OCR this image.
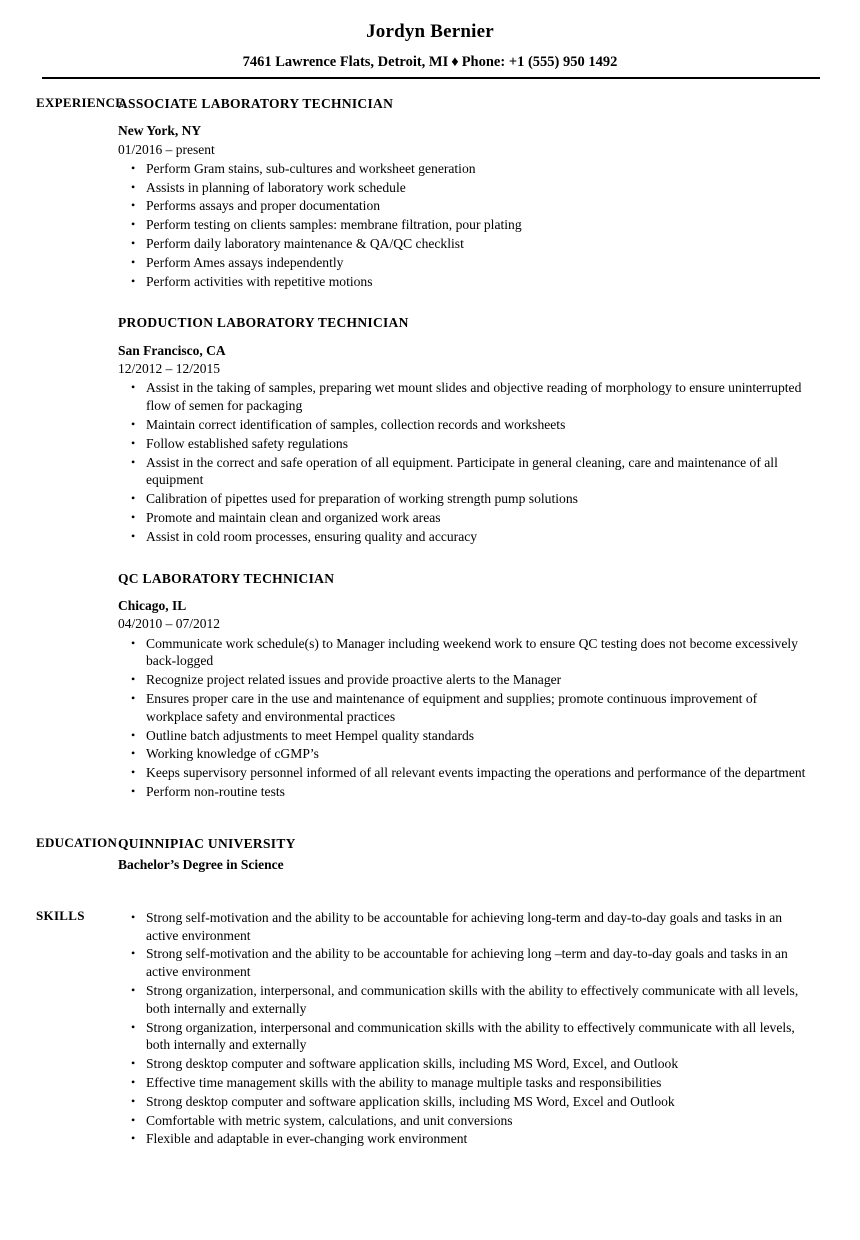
Jordyn Bernier
7461 Lawrence Flats, Detroit, MI ♦ Phone: +1 (555) 950 1492
EXPERIENCE
ASSOCIATE LABORATORY TECHNICIAN
New York, NY
01/2016 – present
• Perform Gram stains, sub-cultures and worksheet generation
• Assists in planning of laboratory work schedule
• Performs assays and proper documentation
• Perform testing on clients samples: membrane filtration, pour plating
• Perform daily laboratory maintenance & QA/QC checklist
• Perform Ames assays independently
• Perform activities with repetitive motions
PRODUCTION LABORATORY TECHNICIAN
San Francisco, CA
12/2012 – 12/2015
• Assist in the taking of samples, preparing wet mount slides and objective reading of morphology to ensure uninterrupted flow of semen for packaging
• Maintain correct identification of samples, collection records and worksheets
• Follow established safety regulations
• Assist in the correct and safe operation of all equipment. Participate in general cleaning, care and maintenance of all equipment
• Calibration of pipettes used for preparation of working strength pump solutions
• Promote and maintain clean and organized work areas
• Assist in cold room processes, ensuring quality and accuracy
QC LABORATORY TECHNICIAN
Chicago, IL
04/2010 – 07/2012
• Communicate work schedule(s) to Manager including weekend work to ensure QC testing does not become excessively back-logged
• Recognize project related issues and provide proactive alerts to the Manager
• Ensures proper care in the use and maintenance of equipment and supplies; promote continuous improvement of workplace safety and environmental practices
• Outline batch adjustments to meet Hempel quality standards
• Working knowledge of cGMP’s
• Keeps supervisory personnel informed of all relevant events impacting the operations and performance of the department
• Perform non-routine tests
EDUCATION QUINNIPIAC UNIVERSITY
Bachelor’s Degree in Science
SKILLS	• Strong self-motivation and the ability to be accountable for achieving long-term and day-to-day goals and tasks in an active environment
• Strong self-motivation and the ability to be accountable for achieving long –term and day-to-day goals and tasks in an active environment
• Strong organization, interpersonal, and communication skills with the ability to effectively communicate with all levels, both internally and externally
• Strong organization, interpersonal and communication skills with the ability to effectively communicate with all levels, both internally and externally
• Strong desktop computer and software application skills, including MS Word, Excel, and Outlook
• Effective time management skills with the ability to manage multiple tasks and responsibilities
• Strong desktop computer and software application skills, including MS Word, Excel and Outlook
• Comfortable with metric system, calculations, and unit conversions
• Flexible and adaptable in ever-changing work environment
